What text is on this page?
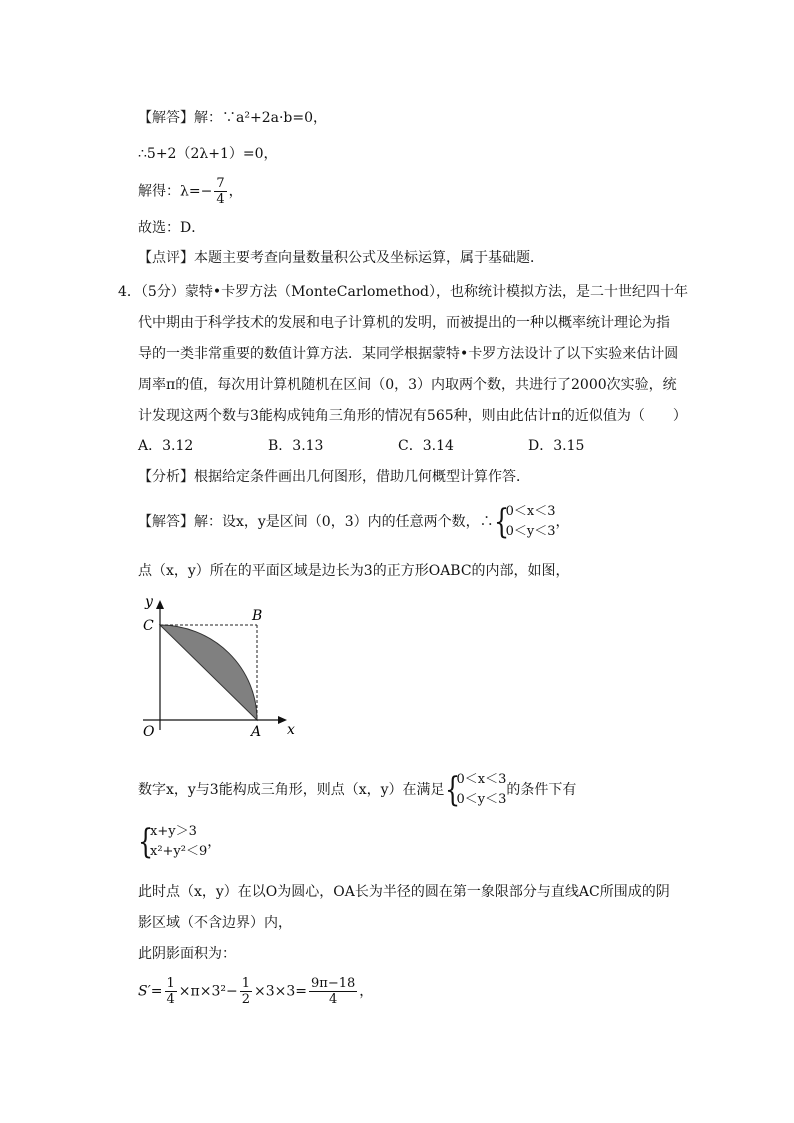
【解答】解：∵a²+2a·b=0，
∴5+2（2λ+1）=0，
解得：$\lambda=- \frac{7}{4}$ ，
故选：D．
【点评】本题主要考查向量数量积公式及坐标运算，属于基础题．
4．（5分）蒙特•卡罗方法（MonteCarlomethod），也称统计模拟方法，是二十世纪四十年
代中期由于科学技术的发展和电子计算机的发明，而被提出的一种以概率统计理论为指
导的一类非常重要的数值计算方法．某同学根据蒙特•卡罗方法设计了以下实验来估计圆
周率π的值，每次用计算机随机在区间（0，3）内取两个数，共进行了2000次实验，统
计发现这两个数与3能构成钝角三角形的情况有565种，则由此估计π的近似值为（　　）
A．3.12	B．3.13	C．3.14	D．3.15
【分析】根据给定条件画出几何图形，借助几何概型计算作答．
【解答】解：设x，y是区间（0，3）内的任意两个数，∴ {
0＜x＜3
0＜y＜3
，
点（x，y）所在的平面区域是边长为3的正方形OABC的内部，如图，
y
C
B
O	A x
数字x，y与3能构成三角形，则点（x，y）在满足 {
0＜x＜3
0＜y＜3
的条件下有
{
x+y＞3
x²+y²＜9
，
此时点（x，y）在以O为圆心，OA长为半径的圆在第一象限部分与直线AC所围成的阴
影区域（不含边界）内，
此阴影面积为：
$S'= \frac{1}{4} \times\pi\times 3^2- \frac{1}{2} \times 3\times 3= \frac{9\pi-18}{4}$ ，
